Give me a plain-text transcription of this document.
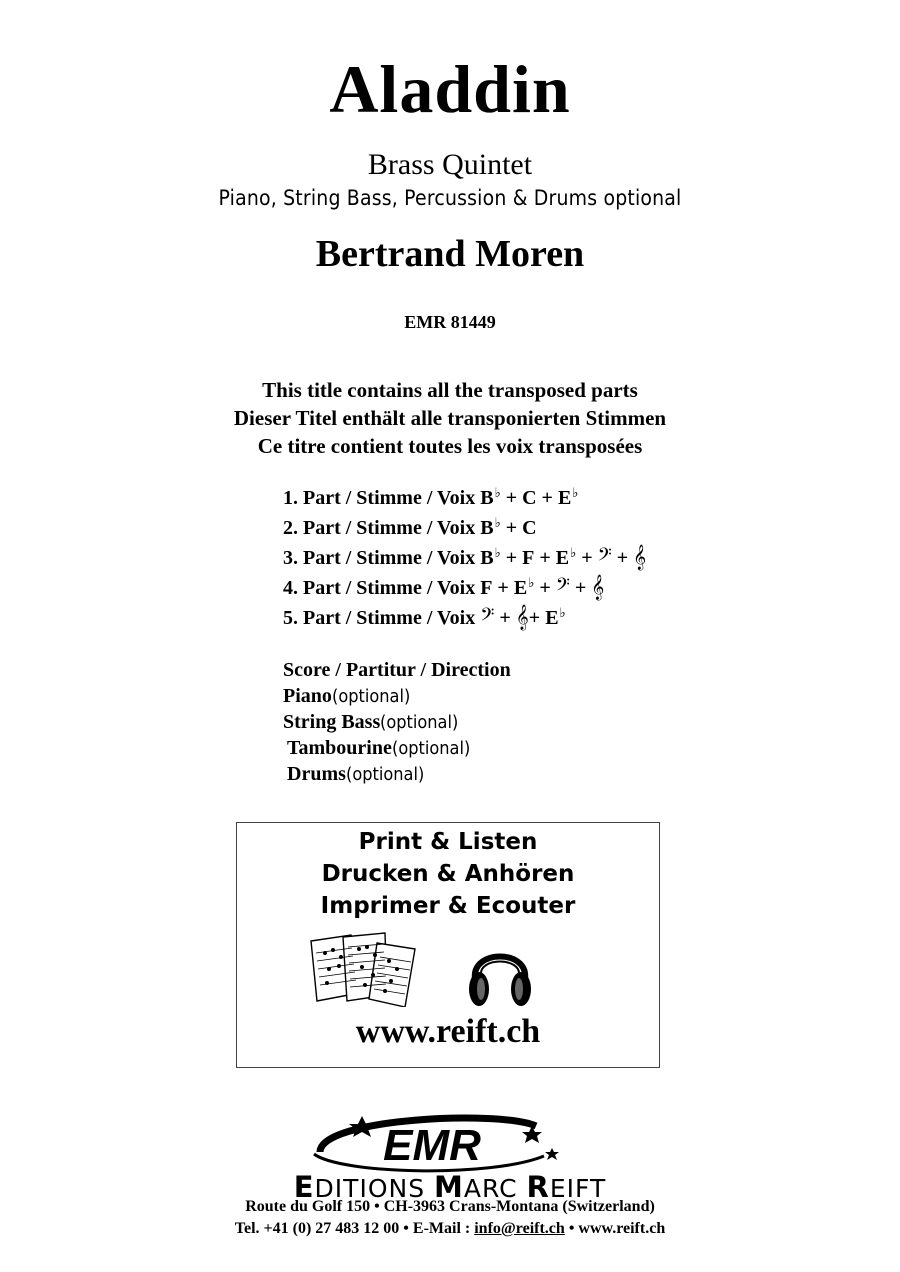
Aladdin
Brass Quintet
Piano, String Bass, Percussion & Drums optional
Bertrand Moren
EMR 81449
This title contains all the transposed parts
Dieser Titel enthält alle transponierten Stimmen
Ce titre contient toutes les voix transposées
1. Part / Stimme / Voix B♭ + C + E♭
2. Part / Stimme / Voix B♭ + C
3. Part / Stimme / Voix B♭ + F + E♭ + 𝄢 + 𝄞
4. Part / Stimme / Voix F + E♭ + 𝄢 + 𝄞
5. Part / Stimme / Voix 𝄢 + 𝄞+ E♭
Score / Partitur / Direction
Piano(optional)
String Bass(optional)
Tambourine(optional)
Drums(optional)
Print & Listen
Drucken & Anhören
Imprimer & Ecouter
www.reift.ch
EMR
EDITIONS MARC REIFT
Route du Golf 150 • CH-3963 Crans-Montana (Switzerland)
Tel. +41 (0) 27 483 12 00 • E-Mail : info@reift.ch • www.reift.ch
